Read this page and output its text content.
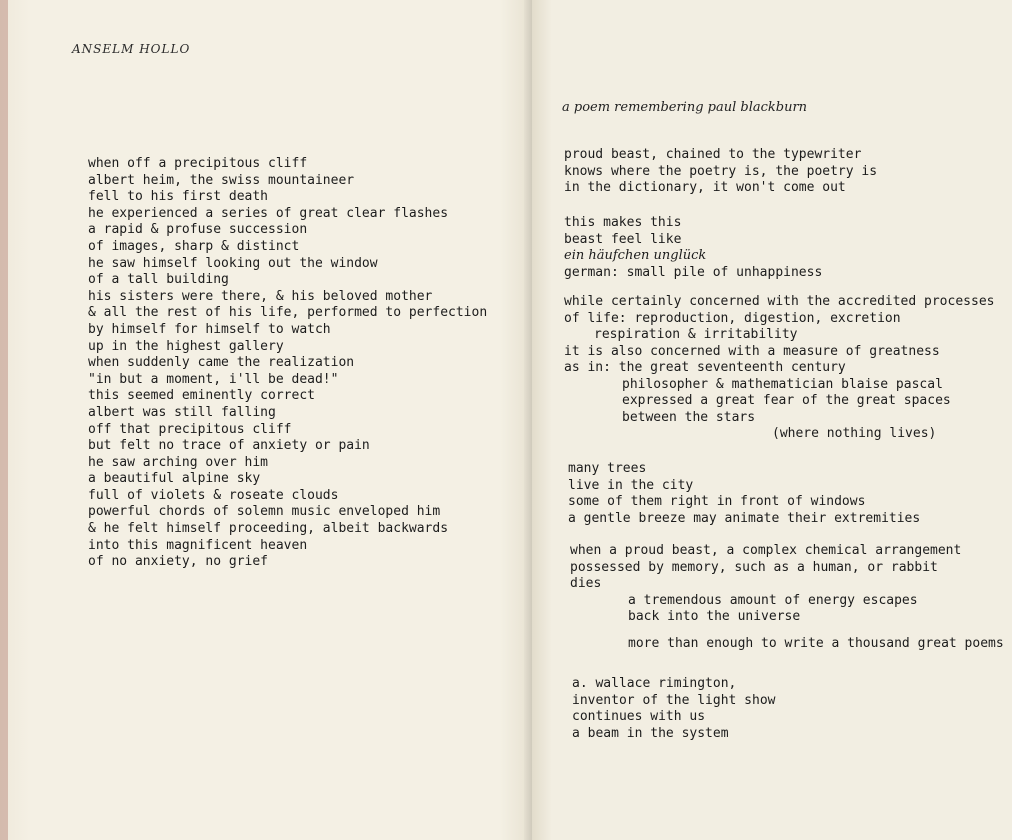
ANSELM HOLLO
when off a precipitous cliff
albert heim, the swiss mountaineer
fell to his first death
he experienced a series of great clear flashes
a rapid & profuse succession
of images, sharp & distinct
he saw himself looking out the window
of a tall building
his sisters were there, & his beloved mother
& all the rest of his life, performed to perfection
by himself for himself to watch
up in the highest gallery
when suddenly came the realization
"in but a moment, i'll be dead!"
this seemed eminently correct
albert was still falling
off that precipitous cliff
but felt no trace of anxiety or pain
he saw arching over him
a beautiful alpine sky
full of violets & roseate clouds
powerful chords of solemn music enveloped him
& he felt himself proceeding, albeit backwards
into this magnificent heaven
of no anxiety, no grief
a poem remembering paul blackburn
proud beast, chained to the typewriter
knows where the poetry is, the poetry is
in the dictionary, it won't come out
this makes this
beast feel like
ein häufchen unglück
german: small pile of unhappiness
while certainly concerned with the accredited processes
of life: reproduction, digestion, excretion
respiration & irritability
it is also concerned with a measure of greatness
as in: the great seventeenth century
philosopher & mathematician blaise pascal
expressed a great fear of the great spaces
between the stars
(where nothing lives)
many trees
live in the city
some of them right in front of windows
a gentle breeze may animate their extremities
when a proud beast, a complex chemical arrangement
possessed by memory, such as a human, or rabbit
dies
a tremendous amount of energy escapes
back into the universe
more than enough to write a thousand great poems
a. wallace rimington,
inventor of the light show
continues with us
a beam in the system
